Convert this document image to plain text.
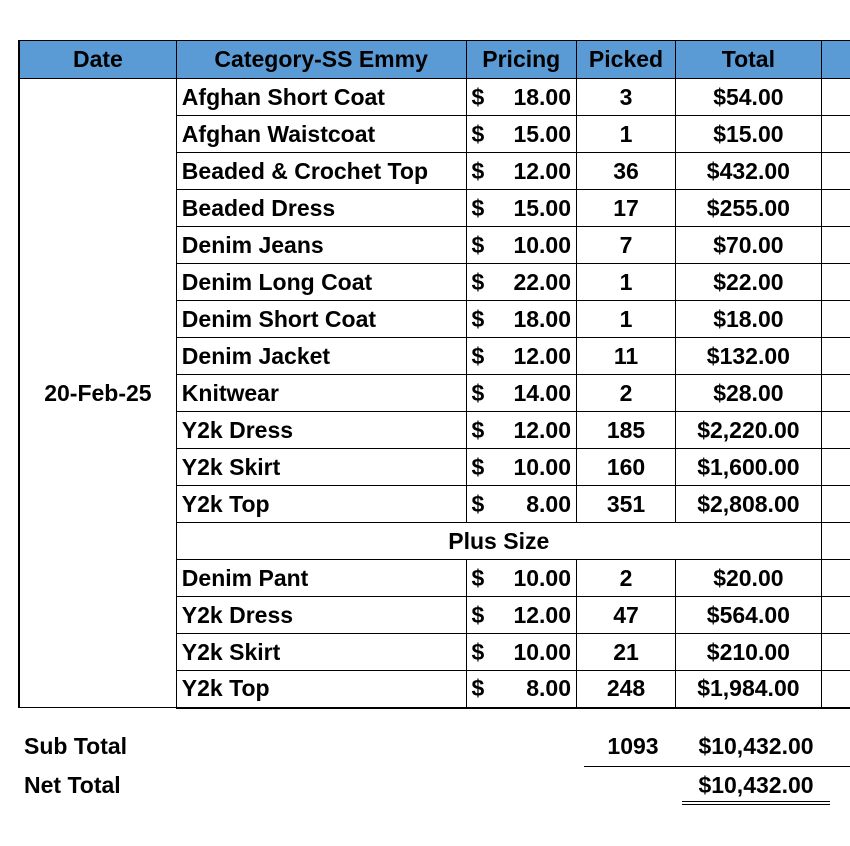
Date	Category-SS Emmy	Pricing	Picked	Total	
20-Feb-25	Afghan Short Coat	$ 18.00	3	$54.00	
	Afghan Waistcoat	$ 15.00	1	$15.00	
	Beaded & Crochet Top	$ 12.00	36	$432.00	
	Beaded Dress	$ 15.00	17	$255.00	
	Denim Jeans	$ 10.00	7	$70.00	
	Denim Long Coat	$ 22.00	1	$22.00	
	Denim Short Coat	$ 18.00	1	$18.00	
	Denim Jacket	$ 12.00	11	$132.00	
	Knitwear	$ 14.00	2	$28.00	
	Y2k Dress	$ 12.00	185	$2,220.00	
	Y2k Skirt	$ 10.00	160	$1,600.00	
	Y2k Top	$ 8.00	351	$2,808.00	
	Plus Size				
	Denim Pant	$ 10.00	2	$20.00	
	Y2k Dress	$ 12.00	47	$564.00	
	Y2k Skirt	$ 10.00	21	$210.00	
	Y2k Top	$ 8.00	248	$1,984.00	
Sub Total	1093	$10,432.00
Net Total	$10,432.00
